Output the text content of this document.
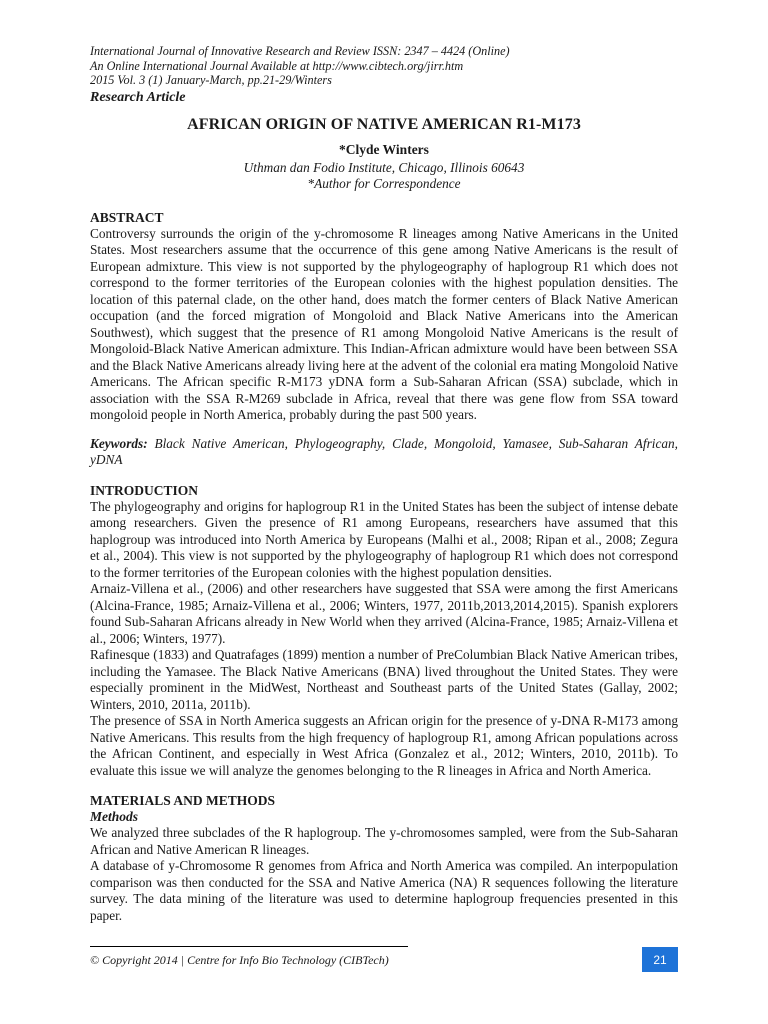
International Journal of Innovative Research and Review ISSN: 2347 – 4424 (Online)
An Online International Journal Available at http://www.cibtech.org/jirr.htm
2015 Vol. 3 (1) January-March, pp.21-29/Winters
Research Article
AFRICAN ORIGIN OF NATIVE AMERICAN R1-M173
*Clyde Winters
Uthman dan Fodio Institute, Chicago, Illinois 60643
*Author for Correspondence
ABSTRACT

Controversy surrounds the origin of the y-chromosome R lineages among Native Americans in the United States. Most researchers assume that the occurrence of this gene among Native Americans is the result of European admixture. This view is not supported by the phylogeography of haplogroup R1 which does not correspond to the former territories of the European colonies with the highest population densities. The location of this paternal clade, on the other hand, does match the former centers of Black Native American occupation (and the forced migration of Mongoloid and Black Native Americans into the American Southwest), which suggest that the presence of R1 among Mongoloid Native Americans is the result of Mongoloid-Black Native American admixture. This Indian-African admixture would have been between SSA and the Black Native Americans already living here at the advent of the colonial era mating Mongoloid Native Americans. The African specific R-M173 yDNA form a Sub-Saharan African (SSA) subclade, which in association with the SSA R-M269 subclade in Africa, reveal that there was gene flow from SSA toward mongoloid people in North America, probably during the past 500 years.

Keywords: Black Native American, Phylogeography, Clade, Mongoloid, Yamasee, Sub-Saharan African, yDNA

INTRODUCTION

The phylogeography and origins for haplogroup R1 in the United States has been the subject of intense debate among researchers. Given the presence of R1 among Europeans, researchers have assumed that this haplogroup was introduced into North America by Europeans (Malhi et al., 2008; Ripan et al., 2008; Zegura et al., 2004). This view is not supported by the phylogeography of haplogroup R1 which does not correspond to the former territories of the European colonies with the highest population densities.

Arnaiz-Villena et al., (2006) and other researchers have suggested that SSA were among the first Americans (Alcina-France, 1985; Arnaiz-Villena et al., 2006; Winters, 1977, 2011b,2013,2014,2015). Spanish explorers found Sub-Saharan Africans already in New World when they arrived (Alcina-France, 1985; Arnaiz-Villena et al., 2006; Winters, 1977).

Rafinesque (1833) and Quatrafages (1899) mention a number of PreColumbian Black Native American tribes, including the Yamasee. The Black Native Americans (BNA) lived throughout the United States. They were especially prominent in the MidWest, Northeast and Southeast parts of the United States (Gallay, 2002; Winters, 2010, 2011a, 2011b).

The presence of SSA in North America suggests an African origin for the presence of y-DNA R-M173 among Native Americans. This results from the high frequency of haplogroup R1, among African populations across the African Continent, and especially in West Africa (Gonzalez et al., 2012; Winters, 2010, 2011b). To evaluate this issue we will analyze the genomes belonging to the R lineages in Africa and North America.

MATERIALS AND METHODS
Methods

We analyzed three subclades of the R haplogroup. The y-chromosomes sampled, were from the Sub-Saharan African and Native American R lineages.

A database of y-Chromosome R genomes from Africa and North America was compiled. An interpopulation comparison was then conducted for the SSA and Native America (NA) R sequences following the literature survey. The data mining of the literature was used to determine haplogroup frequencies presented in this paper.

© Copyright 2014 | Centre for Info Bio Technology (CIBTech)	21
